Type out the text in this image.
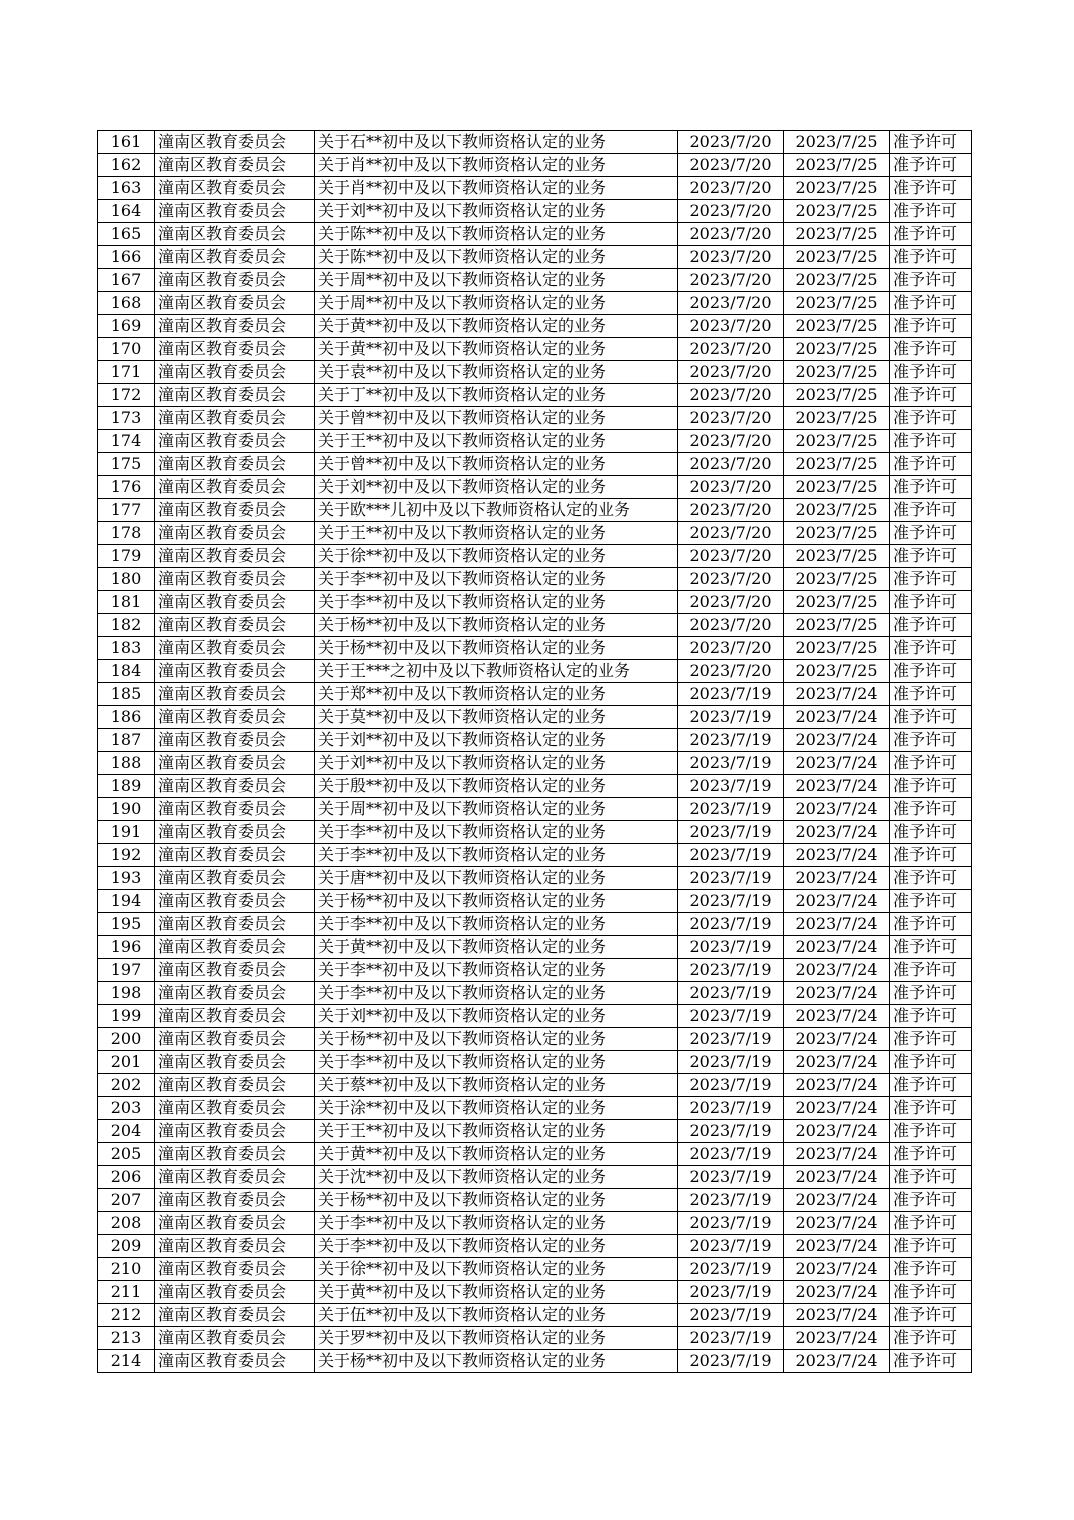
161	潼南区教育委员会	关于石**初中及以下教师资格认定的业务	2023/7/20	2023/7/25	准予许可
162	潼南区教育委员会	关于肖**初中及以下教师资格认定的业务	2023/7/20	2023/7/25	准予许可
163	潼南区教育委员会	关于肖**初中及以下教师资格认定的业务	2023/7/20	2023/7/25	准予许可
164	潼南区教育委员会	关于刘**初中及以下教师资格认定的业务	2023/7/20	2023/7/25	准予许可
165	潼南区教育委员会	关于陈**初中及以下教师资格认定的业务	2023/7/20	2023/7/25	准予许可
166	潼南区教育委员会	关于陈**初中及以下教师资格认定的业务	2023/7/20	2023/7/25	准予许可
167	潼南区教育委员会	关于周**初中及以下教师资格认定的业务	2023/7/20	2023/7/25	准予许可
168	潼南区教育委员会	关于周**初中及以下教师资格认定的业务	2023/7/20	2023/7/25	准予许可
169	潼南区教育委员会	关于黄**初中及以下教师资格认定的业务	2023/7/20	2023/7/25	准予许可
170	潼南区教育委员会	关于黄**初中及以下教师资格认定的业务	2023/7/20	2023/7/25	准予许可
171	潼南区教育委员会	关于袁**初中及以下教师资格认定的业务	2023/7/20	2023/7/25	准予许可
172	潼南区教育委员会	关于丁**初中及以下教师资格认定的业务	2023/7/20	2023/7/25	准予许可
173	潼南区教育委员会	关于曾**初中及以下教师资格认定的业务	2023/7/20	2023/7/25	准予许可
174	潼南区教育委员会	关于王**初中及以下教师资格认定的业务	2023/7/20	2023/7/25	准予许可
175	潼南区教育委员会	关于曾**初中及以下教师资格认定的业务	2023/7/20	2023/7/25	准予许可
176	潼南区教育委员会	关于刘**初中及以下教师资格认定的业务	2023/7/20	2023/7/25	准予许可
177	潼南区教育委员会	关于欧***儿初中及以下教师资格认定的业务	2023/7/20	2023/7/25	准予许可
178	潼南区教育委员会	关于王**初中及以下教师资格认定的业务	2023/7/20	2023/7/25	准予许可
179	潼南区教育委员会	关于徐**初中及以下教师资格认定的业务	2023/7/20	2023/7/25	准予许可
180	潼南区教育委员会	关于李**初中及以下教师资格认定的业务	2023/7/20	2023/7/25	准予许可
181	潼南区教育委员会	关于李**初中及以下教师资格认定的业务	2023/7/20	2023/7/25	准予许可
182	潼南区教育委员会	关于杨**初中及以下教师资格认定的业务	2023/7/20	2023/7/25	准予许可
183	潼南区教育委员会	关于杨**初中及以下教师资格认定的业务	2023/7/20	2023/7/25	准予许可
184	潼南区教育委员会	关于王***之初中及以下教师资格认定的业务	2023/7/20	2023/7/25	准予许可
185	潼南区教育委员会	关于郑**初中及以下教师资格认定的业务	2023/7/19	2023/7/24	准予许可
186	潼南区教育委员会	关于莫**初中及以下教师资格认定的业务	2023/7/19	2023/7/24	准予许可
187	潼南区教育委员会	关于刘**初中及以下教师资格认定的业务	2023/7/19	2023/7/24	准予许可
188	潼南区教育委员会	关于刘**初中及以下教师资格认定的业务	2023/7/19	2023/7/24	准予许可
189	潼南区教育委员会	关于殷**初中及以下教师资格认定的业务	2023/7/19	2023/7/24	准予许可
190	潼南区教育委员会	关于周**初中及以下教师资格认定的业务	2023/7/19	2023/7/24	准予许可
191	潼南区教育委员会	关于李**初中及以下教师资格认定的业务	2023/7/19	2023/7/24	准予许可
192	潼南区教育委员会	关于李**初中及以下教师资格认定的业务	2023/7/19	2023/7/24	准予许可
193	潼南区教育委员会	关于唐**初中及以下教师资格认定的业务	2023/7/19	2023/7/24	准予许可
194	潼南区教育委员会	关于杨**初中及以下教师资格认定的业务	2023/7/19	2023/7/24	准予许可
195	潼南区教育委员会	关于李**初中及以下教师资格认定的业务	2023/7/19	2023/7/24	准予许可
196	潼南区教育委员会	关于黄**初中及以下教师资格认定的业务	2023/7/19	2023/7/24	准予许可
197	潼南区教育委员会	关于李**初中及以下教师资格认定的业务	2023/7/19	2023/7/24	准予许可
198	潼南区教育委员会	关于李**初中及以下教师资格认定的业务	2023/7/19	2023/7/24	准予许可
199	潼南区教育委员会	关于刘**初中及以下教师资格认定的业务	2023/7/19	2023/7/24	准予许可
200	潼南区教育委员会	关于杨**初中及以下教师资格认定的业务	2023/7/19	2023/7/24	准予许可
201	潼南区教育委员会	关于李**初中及以下教师资格认定的业务	2023/7/19	2023/7/24	准予许可
202	潼南区教育委员会	关于蔡**初中及以下教师资格认定的业务	2023/7/19	2023/7/24	准予许可
203	潼南区教育委员会	关于涂**初中及以下教师资格认定的业务	2023/7/19	2023/7/24	准予许可
204	潼南区教育委员会	关于王**初中及以下教师资格认定的业务	2023/7/19	2023/7/24	准予许可
205	潼南区教育委员会	关于黄**初中及以下教师资格认定的业务	2023/7/19	2023/7/24	准予许可
206	潼南区教育委员会	关于沈**初中及以下教师资格认定的业务	2023/7/19	2023/7/24	准予许可
207	潼南区教育委员会	关于杨**初中及以下教师资格认定的业务	2023/7/19	2023/7/24	准予许可
208	潼南区教育委员会	关于李**初中及以下教师资格认定的业务	2023/7/19	2023/7/24	准予许可
209	潼南区教育委员会	关于李**初中及以下教师资格认定的业务	2023/7/19	2023/7/24	准予许可
210	潼南区教育委员会	关于徐**初中及以下教师资格认定的业务	2023/7/19	2023/7/24	准予许可
211	潼南区教育委员会	关于黄**初中及以下教师资格认定的业务	2023/7/19	2023/7/24	准予许可
212	潼南区教育委员会	关于伍**初中及以下教师资格认定的业务	2023/7/19	2023/7/24	准予许可
213	潼南区教育委员会	关于罗**初中及以下教师资格认定的业务	2023/7/19	2023/7/24	准予许可
214	潼南区教育委员会	关于杨**初中及以下教师资格认定的业务	2023/7/19	2023/7/24	准予许可
